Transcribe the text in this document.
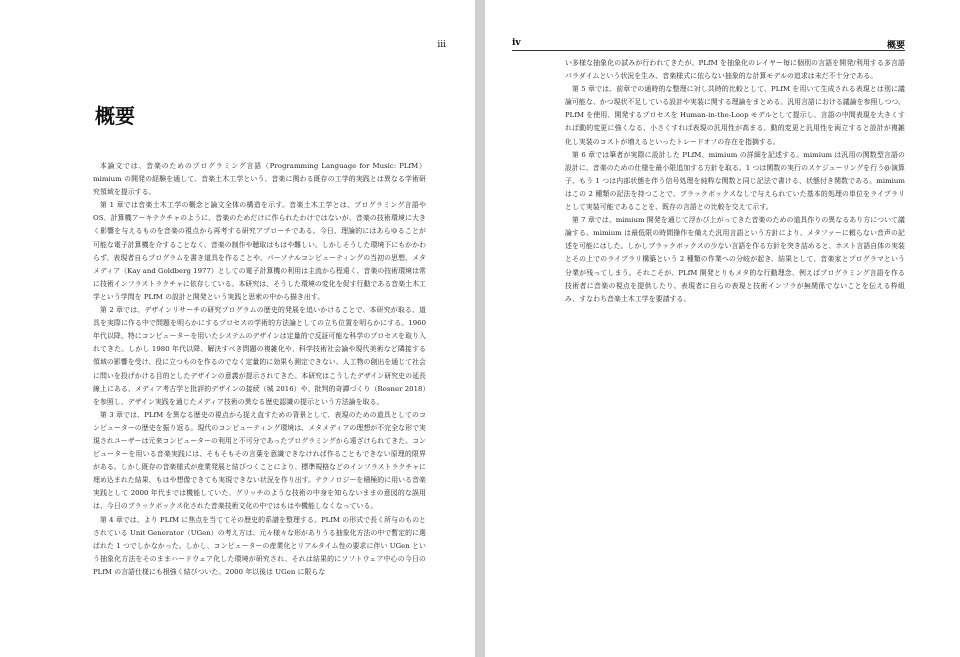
iii
概要

本論文では、音楽のためのプログラミング言語（Programming Language for Music: PLfM）mimium の開発の経験を通して、音楽土木工学という、音楽に関わる既存の工学的実践とは異なる学術研究領域を提示する。

第 1 章では音楽土木工学の概念と論文全体の構造を示す。音楽土木工学とは、プログラミング言語や OS、計算機アーキテクチャのように、音楽のためだけに作られたわけではないが、音楽の技術環境に大きく影響を与えるものを音楽の視点から再考する研究アプローチである。今日、理論的にはあらゆることが可能な電子計算機を介することなく、音楽の制作や聴取はもはや難しい。しかしそうした環境下にもかかわらず、表現者自らプログラムを書き道具を作ることや、パーソナルコンピューティングの当初の思想、メタメディア（Kay and Goldberg 1977）としての電子計算機の利用は主流から程遠く、音楽の技術環境は常に技術インフラストラクチャに依存している。本研究は、そうした環境の変化を促す行動である音楽土木工学という学問を PLfM の設計と開発という実践と思索の中から描き出す。

第 2 章では、デザインリサーチの研究プログラムの歴史的発展を追いかけることで、本研究が取る、道具を実際に作る中で問題を明らかにするプロセスの学術的方法論としての立ち位置を明らかにする。1960 年代以降、特にコンピューターを用いたシステムのデザインは定量的で反証可能な科学のプロセスを取り入れてきた。しかし 1980 年代以降、解決すべき問題の複雑化や、科学技術社会論や現代美術など隣接する領域の影響を受け、役に立つものを作るのでなく定量的に効果も測定できない、人工物の創出を通じて社会に問いを投げかける目的としたデザインの意義が提示されてきた。本研究はこうしたデザイン研究史の延長線上にある、メディア考古学と批評的デザインの接続（城 2016）や、批判的奇譚づくり（Rosner 2018）を参照し、デザイン実践を通じたメディア技術の異なる歴史認識の提示という方法論を取る。

第 3 章では、PLfM を異なる歴史の視点から捉え直すための背景として、表現のための道具としてのコンピューターの歴史を振り返る。現代のコンピューティング環境は、メタメディアの理想が不完全な形で実現されユーザーは元来コンピューターの利用と不可分であったプログラミングから遠ざけられてきた。コンピューターを用いる音楽実践には、そもそもその言葉を意識できなければ作ることもできない原理的限界がある。しかし既存の音楽様式が産業発展と結びつくことにより、標準規格などのインフラストラクチャに埋め込まれた結果、もはや想像できても実現できない状況を作り出す。テクノロジーを積極的に用いる音楽実践として 2000 年代までは機能していた、グリッチのような技術の中身を知らないままの意図的な誤用は、今日のブラックボックス化された音楽技術文化の中ではもはや機能しなくなっている。

第 4 章では、より PLfM に焦点を当ててその歴史的系譜を整理する。PLfM の形式で長く所与のものとされている Unit Generator（UGen）の考え方は、元々様々な形がありうる抽象化方法の中で暫定的に選ばれた 1 つでしかなかった。しかし、コンピューターの産業化とリアルタイム性の要求に伴い UGen という抽象化方法をそのままハードウェア化した環境が研究され、それは結果的にソフトウェア中心の今日の PLfM の言語仕様にも根強く結びついた。2000 年以後は UGen に限らな

iv	概要

い多様な抽象化の試みが行われてきたが、PLfM を抽象化のレイヤー毎に個別の言語を開発/利用する多言語パラダイムという状況を生み、音楽様式に依らない抽象的な計算モデルの追求は未だ不十分である。

第 5 章では、前章での通時的な整理に対し共時的比較として、PLfM を用いて生成される表現とは別に議論可能な、かつ現状不足している設計や実装に関する理論をまとめる。汎用言語における議論を参照しつつ、PLfM を使用、開発するプロセスを Human-in-the-Loop モデルとして提示し、言語の中間表現を大きくすれば動的変更に強くなる、小さくすれば表現の汎用性が高まる、動的変更と汎用性を両立すると設計が複雑化し実装のコストが増えるといったトレードオフの存在を指摘する。

第 6 章では筆者が実際に設計した PLfM、mimium の詳細を記述する。mimium は汎用の関数型言語の設計に、音楽のための仕様を最小限追加する方針を取る。1 つは関数の実行のスケジューリングを行う@演算子、もう 1 つは内部状態を伴う信号処理を純粋な関数と同じ記法で書ける、状態付き関数である。mimium はこの 2 種類の記法を持つことで、ブラックボックスなしで与えられていた基本的処理の単位をライブラリとして実装可能であることを、既存の言語との比較を交えて示す。

第 7 章では、mimium 開発を通じて浮かび上がってきた音楽のための道具作りの異なるあり方について議論する。mimium は最低限の時間操作を備えた汎用言語という方針により、メタファーに頼らない音声の記述を可能にはした。しかしブラックボックスの少ない言語を作る方針を突き詰めると、ホスト言語自体の実装とその上でのライブラリ構築という 2 種類の作業への分岐が起き、結果として、音楽家とプログラマという分業が残ってしまう。それこそが、PLfM 開発とりもメタ的な行動理念、例えばプログラミング言語を作る技術者に音楽の視点を提供したり、表現者に自らの表現と技術インフラが無関係でないことを伝える枠組み、すなわち音楽土木工学を要請する。
